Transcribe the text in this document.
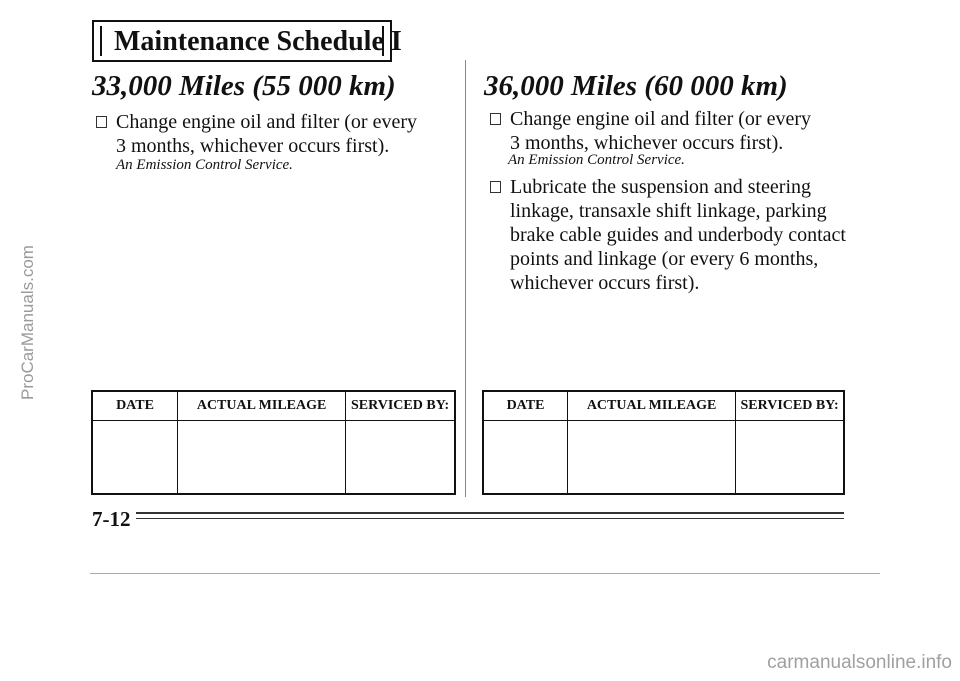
Maintenance Schedule I
33,000 Miles (55 000 km)
Change engine oil and filter (or every 3 months, whichever occurs first).
An Emission Control Service.
DATE	ACTUAL MILEAGE	SERVICED BY:

36,000 Miles (60 000 km)
Change engine oil and filter (or every 3 months, whichever occurs first).
An Emission Control Service.
Lubricate the suspension and steering linkage, transaxle shift linkage, parking brake cable guides and underbody contact points and linkage (or every 6 months, whichever occurs first).
DATE	ACTUAL MILEAGE	SERVICED BY:

7-12
ProCarManuals.com
carmanualsonline.info
